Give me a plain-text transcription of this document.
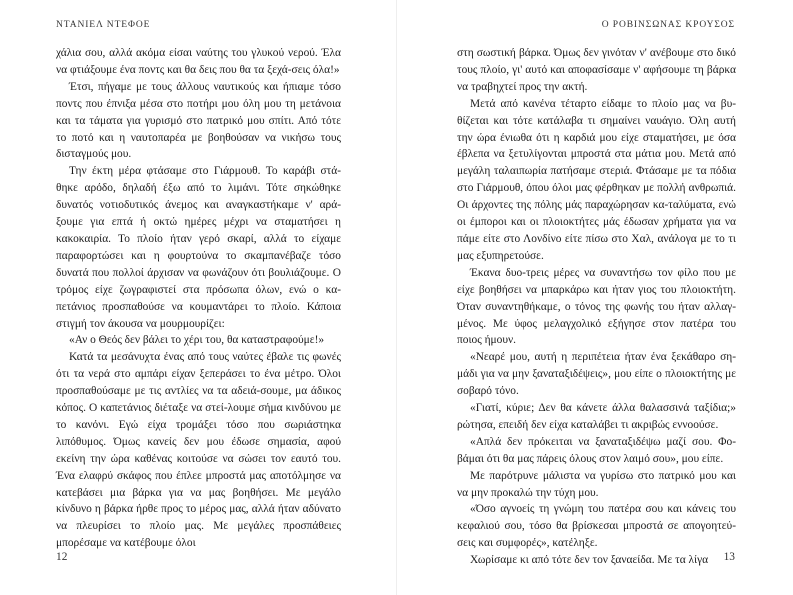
ΝΤΑΝΙΕΛ ΝΤΕΦΟΕ

χάλια σου, αλλά ακόμα είσαι ναύτης του γλυκού νερού. Έλα να φτιάξουμε ένα ποντς και θα δεις που θα τα ξεχά-σεις όλα!»

Έτσι, πήγαμε με τους άλλους ναυτικούς και ήπιαμε τόσο ποντς που έπνιξα μέσα στο ποτήρι μου όλη μου τη μετάνοια και τα τάματα για γυρισμό στο πατρικό μου σπίτι. Από τότε το ποτό και η ναυτοπαρέα με βοηθούσαν να νικήσω τους δισταγμούς μου.

Την έκτη μέρα φτάσαμε στο Γιάρμουθ. Το καράβι στά-θηκε αρόδο, δηλαδή έξω από το λιμάνι. Τότε σηκώθηκε δυνατός νοτιοδυτικός άνεμος και αναγκαστήκαμε ν' αρά-ξουμε για επτά ή οκτώ ημέρες μέχρι να σταματήσει η κακοκαιρία. Το πλοίο ήταν γερό σκαρί, αλλά το είχαμε παραφορτώσει και η φουρτούνα το σκαμπανέβαζε τόσο δυνατά που πολλοί άρχισαν να φωνάζουν ότι βουλιάζουμε. Ο τρόμος είχε ζωγραφιστεί στα πρόσωπα όλων, ενώ ο κα-πετάνιος προσπαθούσε να κουμαντάρει το πλοίο. Κάποια στιγμή τον άκουσα να μουρμουρίζει:

«Αν ο Θεός δεν βάλει το χέρι του, θα καταστραφούμε!»

Κατά τα μεσάνυχτα ένας από τους ναύτες έβαλε τις φωνές ότι τα νερά στο αμπάρι είχαν ξεπεράσει το ένα μέτρο. Όλοι προσπαθούσαμε με τις αντλίες να τα αδειά-σουμε, μα άδικος κόπος. Ο καπετάνιος διέταξε να στεί-λουμε σήμα κινδύνου με το κανόνι. Εγώ είχα τρομάξει τόσο που σωριάστηκα λιπόθυμος. Όμως κανείς δεν μου έδωσε σημασία, αφού εκείνη την ώρα καθένας κοιτούσε να σώσει τον εαυτό του. Ένα ελαφρύ σκάφος που έπλεε μπροστά μας αποτόλμησε να κατεβάσει μια βάρκα για να μας βοηθήσει. Με μεγάλο κίνδυνο η βάρκα ήρθε προς το μέρος μας, αλλά ήταν αδύνατο να πλευρίσει το πλοίο μας. Με μεγάλες προσπάθειες μπορέσαμε να κατέβουμε όλοι

12
Ο ΡΟΒΙΝΣΩΝΑΣ ΚΡΟΥΣΟΣ

στη σωστική βάρκα. Όμως δεν γινόταν ν' ανέβουμε στο δικό τους πλοίο, γι' αυτό και αποφασίσαμε ν' αφήσουμε τη βάρκα να τραβηχτεί προς την ακτή.

Μετά από κανένα τέταρτο είδαμε το πλοίο μας να βυ-θίζεται και τότε κατάλαβα τι σημαίνει ναυάγιο. Όλη αυτή την ώρα ένιωθα ότι η καρδιά μου είχε σταματήσει, με όσα έβλεπα να ξετυλίγονται μπροστά στα μάτια μου. Μετά από μεγάλη ταλαιπωρία πατήσαμε στεριά. Φτάσαμε με τα πόδια στο Γιάρμουθ, όπου όλοι μας φέρθηκαν με πολλή ανθρωπιά. Οι άρχοντες της πόλης μάς παραχώρησαν κα-ταλύματα, ενώ οι έμποροι και οι πλοιοκτήτες μάς έδωσαν χρήματα για να πάμε είτε στο Λονδίνο είτε πίσω στο Χαλ, ανάλογα με το τι μας εξυπηρετούσε.

Έκανα δυο-τρεις μέρες να συναντήσω τον φίλο που με είχε βοηθήσει να μπαρκάρω και ήταν γιος του πλοιοκτήτη. Όταν συναντηθήκαμε, ο τόνος της φωνής του ήταν αλλαγ-μένος. Με ύφος μελαγχολικό εξήγησε στον πατέρα του ποιος ήμουν.

«Νεαρέ μου, αυτή η περιπέτεια ήταν ένα ξεκάθαρο ση-μάδι για να μην ξαναταξιδέψεις», μου είπε ο πλοιοκτήτης με σοβαρό τόνο.

«Γιατί, κύριε; Δεν θα κάνετε άλλα θαλασσινά ταξίδια;» ρώτησα, επειδή δεν είχα καταλάβει τι ακριβώς εννοούσε.

«Απλά δεν πρόκειται να ξαναταξιδέψω μαζί σου. Φο-βάμαι ότι θα μας πάρεις όλους στον λαιμό σου», μου είπε.

Με παρότρυνε μάλιστα να γυρίσω στο πατρικό μου και να μην προκαλώ την τύχη μου.

«Όσο αγνοείς τη γνώμη του πατέρα σου και κάνεις του κεφαλιού σου, τόσο θα βρίσκεσαι μπροστά σε απογοητεύ-σεις και συμφορές», κατέληξε.

Χωρίσαμε κι από τότε δεν τον ξαναείδα. Με τα λίγα	13
